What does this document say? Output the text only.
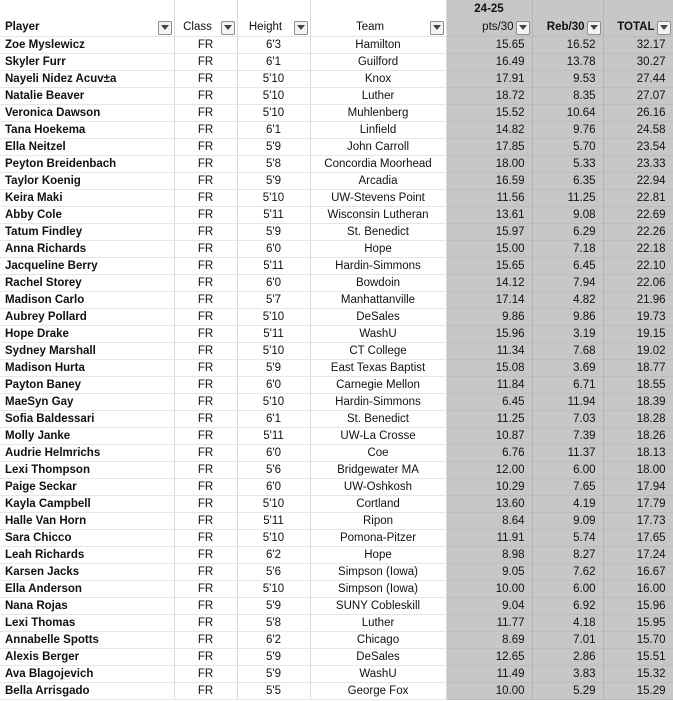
				24-25		

Player	Class	Height	Team	pts/30	Reb/30	TOTAL

Zoe Myslewicz	FR	6'3	Hamilton	15.65	16.52	32.17
Skyler Furr	FR	6'1	Guilford	16.49	13.78	30.27
Nayeli Nidez Acuv±a	FR	5'10	Knox	17.91	9.53	27.44
Natalie Beaver	FR	5'10	Luther	18.72	8.35	27.07
Veronica Dawson	FR	5'10	Muhlenberg	15.52	10.64	26.16
Tana Hoekema	FR	6'1	Linfield	14.82	9.76	24.58
Ella Neitzel	FR	5'9	John Carroll	17.85	5.70	23.54
Peyton Breidenbach	FR	5'8	Concordia Moorhead	18.00	5.33	23.33
Taylor Koenig	FR	5'9	Arcadia	16.59	6.35	22.94
Keira Maki	FR	5'10	UW-Stevens Point	11.56	11.25	22.81
Abby Cole	FR	5'11	Wisconsin Lutheran	13.61	9.08	22.69
Tatum Findley	FR	5'9	St. Benedict	15.97	6.29	22.26
Anna Richards	FR	6'0	Hope	15.00	7.18	22.18
Jacqueline Berry	FR	5'11	Hardin-Simmons	15.65	6.45	22.10
Rachel Storey	FR	6'0	Bowdoin	14.12	7.94	22.06
Madison Carlo	FR	5'7	Manhattanville	17.14	4.82	21.96
Aubrey Pollard	FR	5'10	DeSales	9.86	9.86	19.73
Hope Drake	FR	5'11	WashU	15.96	3.19	19.15
Sydney Marshall	FR	5'10	CT College	11.34	7.68	19.02
Madison Hurta	FR	5'9	East Texas Baptist	15.08	3.69	18.77
Payton Baney	FR	6'0	Carnegie Mellon	11.84	6.71	18.55
MaeSyn Gay	FR	5'10	Hardin-Simmons	6.45	11.94	18.39
Sofia Baldessari	FR	6'1	St. Benedict	11.25	7.03	18.28
Molly Janke	FR	5'11	UW-La Crosse	10.87	7.39	18.26
Audrie Helmrichs	FR	6'0	Coe	6.76	11.37	18.13
Lexi Thompson	FR	5'6	Bridgewater MA	12.00	6.00	18.00
Paige Seckar	FR	6'0	UW-Oshkosh	10.29	7.65	17.94
Kayla Campbell	FR	5'10	Cortland	13.60	4.19	17.79
Halle Van Horn	FR	5'11	Ripon	8.64	9.09	17.73
Sara Chicco	FR	5'10	Pomona-Pitzer	11.91	5.74	17.65
Leah Richards	FR	6'2	Hope	8.98	8.27	17.24
Karsen Jacks	FR	5'6	Simpson (Iowa)	9.05	7.62	16.67
Ella Anderson	FR	5'10	Simpson (Iowa)	10.00	6.00	16.00
Nana Rojas	FR	5'9	SUNY Cobleskill	9.04	6.92	15.96
Lexi Thomas	FR	5'8	Luther	11.77	4.18	15.95
Annabelle Spotts	FR	6'2	Chicago	8.69	7.01	15.70
Alexis Berger	FR	5'9	DeSales	12.65	2.86	15.51
Ava Blagojevich	FR	5'9	WashU	11.49	3.83	15.32
Bella Arrisgado	FR	5'5	George Fox	10.00	5.29	15.29
